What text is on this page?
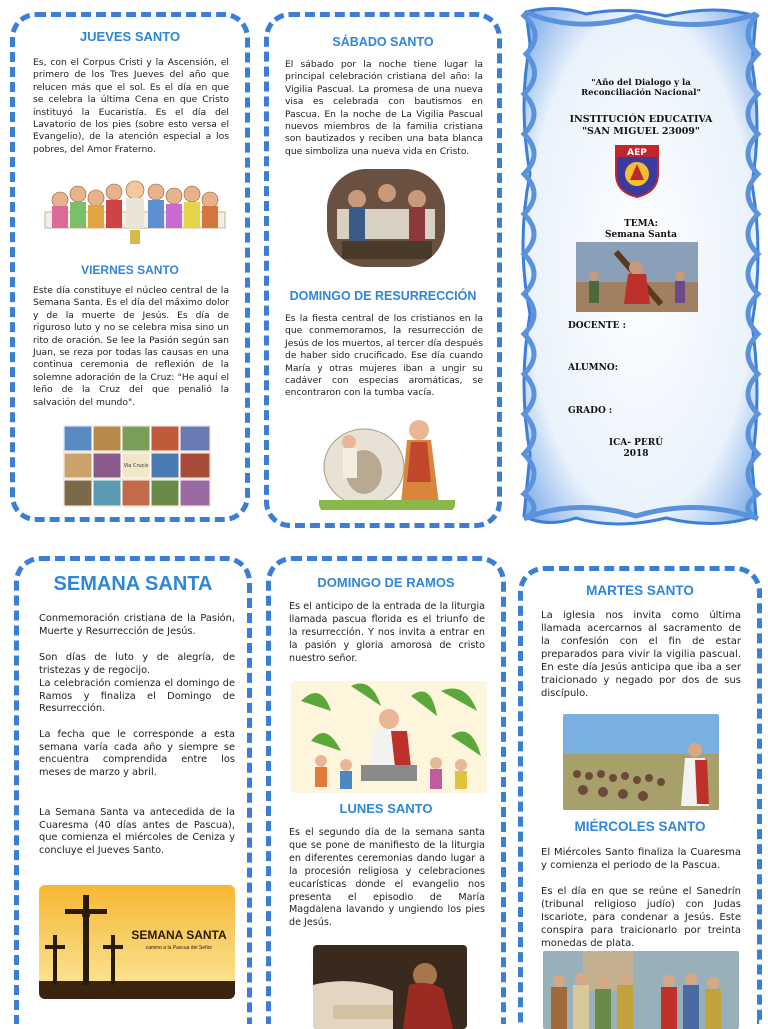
JUEVES SANTO
Es, con el Corpus Cristi y la Ascensión, el primero de los Tres Jueves del año que relucen más que el sol. Es el día en que se celebra la última Cena en que Cristo instituyó la Eucaristía. Es el día del Lavatorio de los pies (sobre esto versa el Evangelio), de la atención especial a los pobres, del Amor Fraterno.
VIERNES SANTO
Este día constituye el núcleo central de la Semana Santa. Es el día del máximo dolor y de la muerte de Jesús. Es día de riguroso luto y no se celebra misa sino un rito de oración. Se lee la Pasión según san Juan, se reza por todas las causas en una continua ceremonia de reflexión de la solemne adoración de la Cruz: "He aquí el leño de la Cruz del que penalió la salvación del mundo".
Via Crucis
SÁBADO SANTO
El sábado por la noche tiene lugar la principal celebración cristiana del año: la Vigilia Pascual. La promesa de una nueva visa es celebrada con bautismos en Pascua. En la noche de La Vigilia Pascual nuevos miembros de la familia cristiana son bautizados y reciben una bata blanca que simboliza una nueva vida en Cristo.
DOMINGO DE RESURRECCIÓN
Es la fiesta central de los cristianos en la que conmemoramos, la resurrección de Jesús de los muertos, al tercer día después de haber sido crucificado. Ese día cuando María y otras mujeres iban a ungir su cadáver con especias aromáticas, se encontraron con la tumba vacía.
"Año del Dialogo y la Reconciliación Nacional"
INSTITUCIÓN EDUCATIVA
"SAN MIGUEL 23009"
AEP
TEMA:
Semana Santa
DOCENTE :
ALUMNO:
GRADO :
ICA- PERÚ
2018
SEMANA SANTA
Conmemoración cristiana de la Pasión, Muerte y Resurrección de Jesús.
Son días de luto y de alegría, de tristezas y de regocijo.
La celebración comienza el domingo de Ramos y finaliza el Domingo de Resurrección.
La fecha que le corresponde a esta semana varía cada año y siempre se encuentra comprendida entre los meses de marzo y abril.
La Semana Santa va antecedida de la Cuaresma (40 días antes de Pascua), que comienza el miércoles de Ceniza y concluye el Jueves Santo.
SEMANA SANTA
camino a la Pascua del Señor
DOMINGO DE RAMOS
Es el anticipo de la entrada de la liturgia llamada pascua florida es el triunfo de la resurrección. Y nos invita a entrar en la pasión y gloria amorosa de cristo nuestro señor.
LUNES SANTO
Es el segundo día de la semana santa que se pone de manifiesto de la liturgia en diferentes ceremonias dando lugar a la procesión religiosa y celebraciones eucarísticas donde el evangelio nos presenta el episodio de María Magdalena lavando y ungiendo los pies de Jesús.
MARTES SANTO
La iglesia nos invita como última llamada acercarnos al sacramento de la confesión con el fin de estar preparados para vivir la vigilia pascual. En este día Jesús anticipa que iba a ser traicionado y negado por dos de sus discípulo.
MIÉRCOLES SANTO
El Miércoles Santo finaliza la Cuaresma y comienza el periodo de la Pascua.
Es el día en que se reúne el Sanedrín (tribunal religioso judío) con Judas Iscariote, para condenar a Jesús. Este conspira para traicionarlo por treinta monedas de plata.
